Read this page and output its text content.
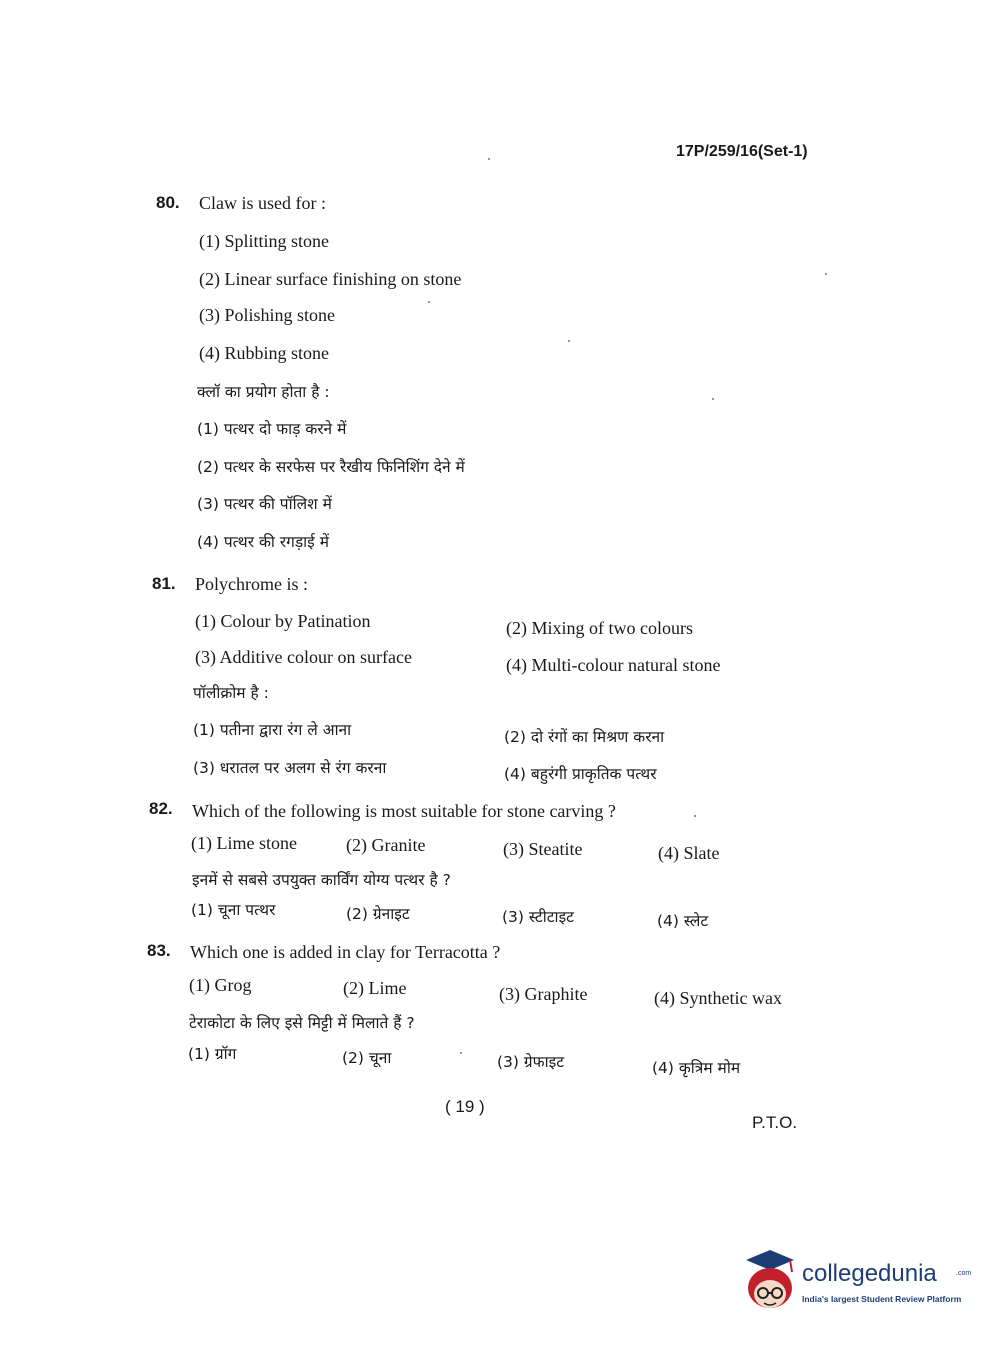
17P/259/16(Set-1)
80. Claw is used for :
(1) Splitting stone
(2) Linear surface finishing on stone
(3) Polishing stone
(4) Rubbing stone
क्लॉ का प्रयोग होता है :
(1) पत्थर दो फाड़ करने में
(2) पत्थर के सरफेस पर रैखीय फिनिशिंग देने में
(3) पत्थर की पॉलिश में
(4) पत्थर की रगड़ाई में
81. Polychrome is :
(1) Colour by Patination	(2) Mixing of two colours
(3) Additive colour on surface	(4) Multi-colour natural stone
पॉलीक्रोम है :
(1) पतीना द्वारा रंग ले आना	(2) दो रंगों का मिश्रण करना
(3) धरातल पर अलग से रंग करना	(4) बहुरंगी प्राकृतिक पत्थर
82. Which of the following is most suitable for stone carving ?
(1) Lime stone	(2) Granite	(3) Steatite	(4) Slate
इनमें से सबसे उपयुक्त कार्विंग योग्य पत्थर है ?
(1) चूना पत्थर	(2) ग्रेनाइट	(3) स्टीटाइट	(4) स्लेट
83. Which one is added in clay for Terracotta ?
(1) Grog	(2) Lime	(3) Graphite	(4) Synthetic wax
टेराकोटा के लिए इसे मिट्टी में मिलाते हैं ?
(1) ग्रॉग	(2) चूना	(3) ग्रेफाइट	(4) कृत्रिम मोम
( 19 )
P.T.O.
collegedunia	.com
India's largest Student Review Platform
